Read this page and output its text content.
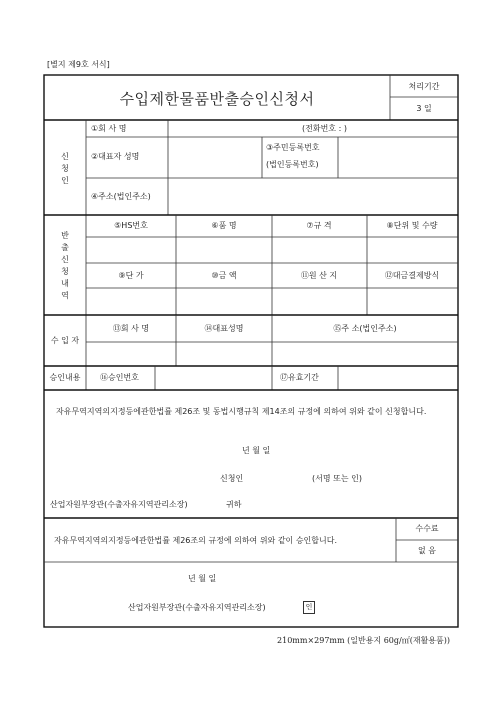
[별지 제9호 서식]
수입제한물품반출승인신청서
처리기간
3 일
신청인
①회 사 명	(전화번호 : )
②대표자 성명
③주민등록번호
(법인등록번호)
④주소(법인주소)
반출신청내역
⑤HS번호	⑥품 명	⑦규 격	⑧단위 및 수량
⑨단 가	⑩금 액	⑪원 산 지	⑫대금결제방식
수 입 자
⑬회 사 명	⑭대표성명	⑮주 소(법인주소)
승인내용 ⑯승인번호	⑰유효기간
자유무역지역의지정등에관한법률 제26조 및 동법시행규칙 제14조의 규정에 의하여 위와 같이 신청합니다.
년 월 일
신청인	(서명 또는 인)
산업자원부장관(수출자유지역관리소장)	귀하
자유무역지역의지정등에관한법률 제26조의 규정에 의하여 위와 같이 승인합니다.
수수료
없 음
년 월 일
산업자원부장관(수출자유지역관리소장)	인
210mm×297mm (일반용지 60g/㎡(재활용품))
